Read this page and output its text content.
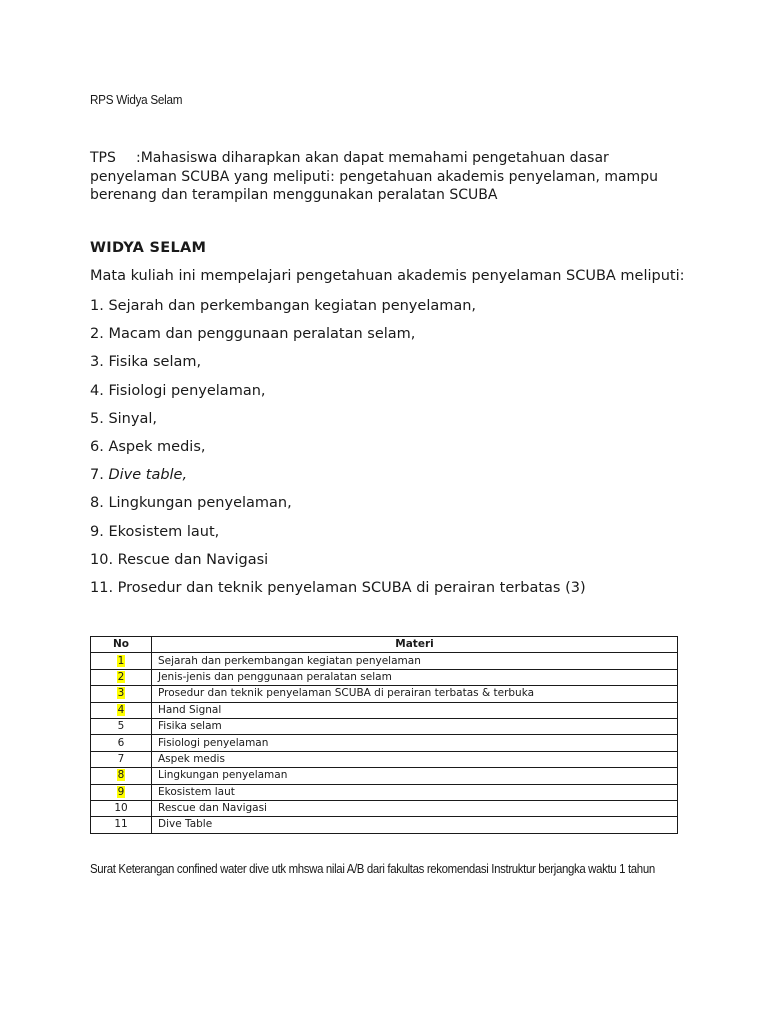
RPS Widya Selam
TPS :Mahasiswa diharapkan akan dapat memahami pengetahuan dasar penyelaman SCUBA yang meliputi: pengetahuan akademis penyelaman, mampu berenang dan terampilan menggunakan peralatan SCUBA
WIDYA SELAM
Mata kuliah ini mempelajari pengetahuan akademis penyelaman SCUBA meliputi:
1. Sejarah dan perkembangan kegiatan penyelaman,
2. Macam dan penggunaan peralatan selam,
3. Fisika selam,
4. Fisiologi penyelaman,
5. Sinyal,
6. Aspek medis,
7. Dive table,
8. Lingkungan penyelaman,
9. Ekosistem laut,
10. Rescue dan Navigasi
11. Prosedur dan teknik penyelaman SCUBA di perairan terbatas (3)
No	Materi
1	Sejarah dan perkembangan kegiatan penyelaman
2	Jenis-jenis dan penggunaan peralatan selam
3	Prosedur dan teknik penyelaman SCUBA di perairan terbatas & terbuka
4	Hand Signal
5	Fisika selam
6	Fisiologi penyelaman
7	Aspek medis
8	Lingkungan penyelaman
9	Ekosistem laut
10	Rescue dan Navigasi
11	Dive Table
Surat Keterangan confined water dive utk mhswa nilai A/B dari fakultas rekomendasi Instruktur berjangka waktu 1 tahun
